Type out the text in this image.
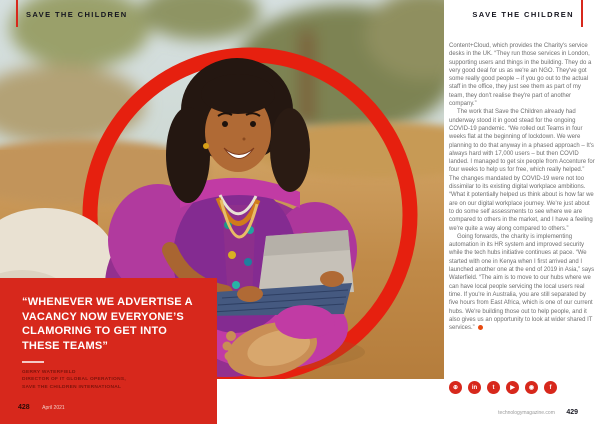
SAVE THE CHILDREN
“WHENEVER WE ADVERTISE A VACANCY NOW EVERYONE’S CLAMORING TO GET INTO THESE TEAMS”
GERRY WATERFIELD
DIRECTOR OF IT GLOBAL OPERATIONS,
SAVE THE CHILDREN INTERNATIONAL
428 April 2021
SAVE THE CHILDREN

Content+Cloud, which provides the Charity's service desks in the UK. “They run those services in London, supporting users and things in the building. They do a very good deal for us as we're an NGO. They've got some really good people – if you go out to the actual staff in the office, they just see them as part of my team, they don't realise they're part of another company.”

The work that Save the Children already had underway stood it in good stead for the ongoing COVID-19 pandemic. “We rolled out Teams in four weeks flat at the beginning of lockdown. We were planning to do that anyway in a phased approach – It's always hard with 17,000 users – but then COVID landed. I managed to get six people from Accenture for four weeks to help us for free, which really helped.” The changes mandated by COVID-19 were not too dissimilar to its existing digital workplace ambitions. “What it potentially helped us think about is how far we are on our digital workplace journey. We're just about to do some self assessments to see where we are compared to others in the market, and I have a feeling we're quite a way along compared to others.”

Going forwards, the charity is implementing automation in its HR system and improved security while the tech hubs initiative continues at pace. “We started with one in Kenya when I first arrived and I launched another one at the end of 2019 in Asia,” says Waterfield. “The aim is to move to our hubs where we can have local people servicing the local users real time. If you're in Australia, you are still separated by five hours from East Africa, which is one of our current hubs. We're building those out to help people, and it also gives us an opportunity to look at wider shared IT services.”

⊕	in	t	▶	◉	f
technologymagazine.com 429
